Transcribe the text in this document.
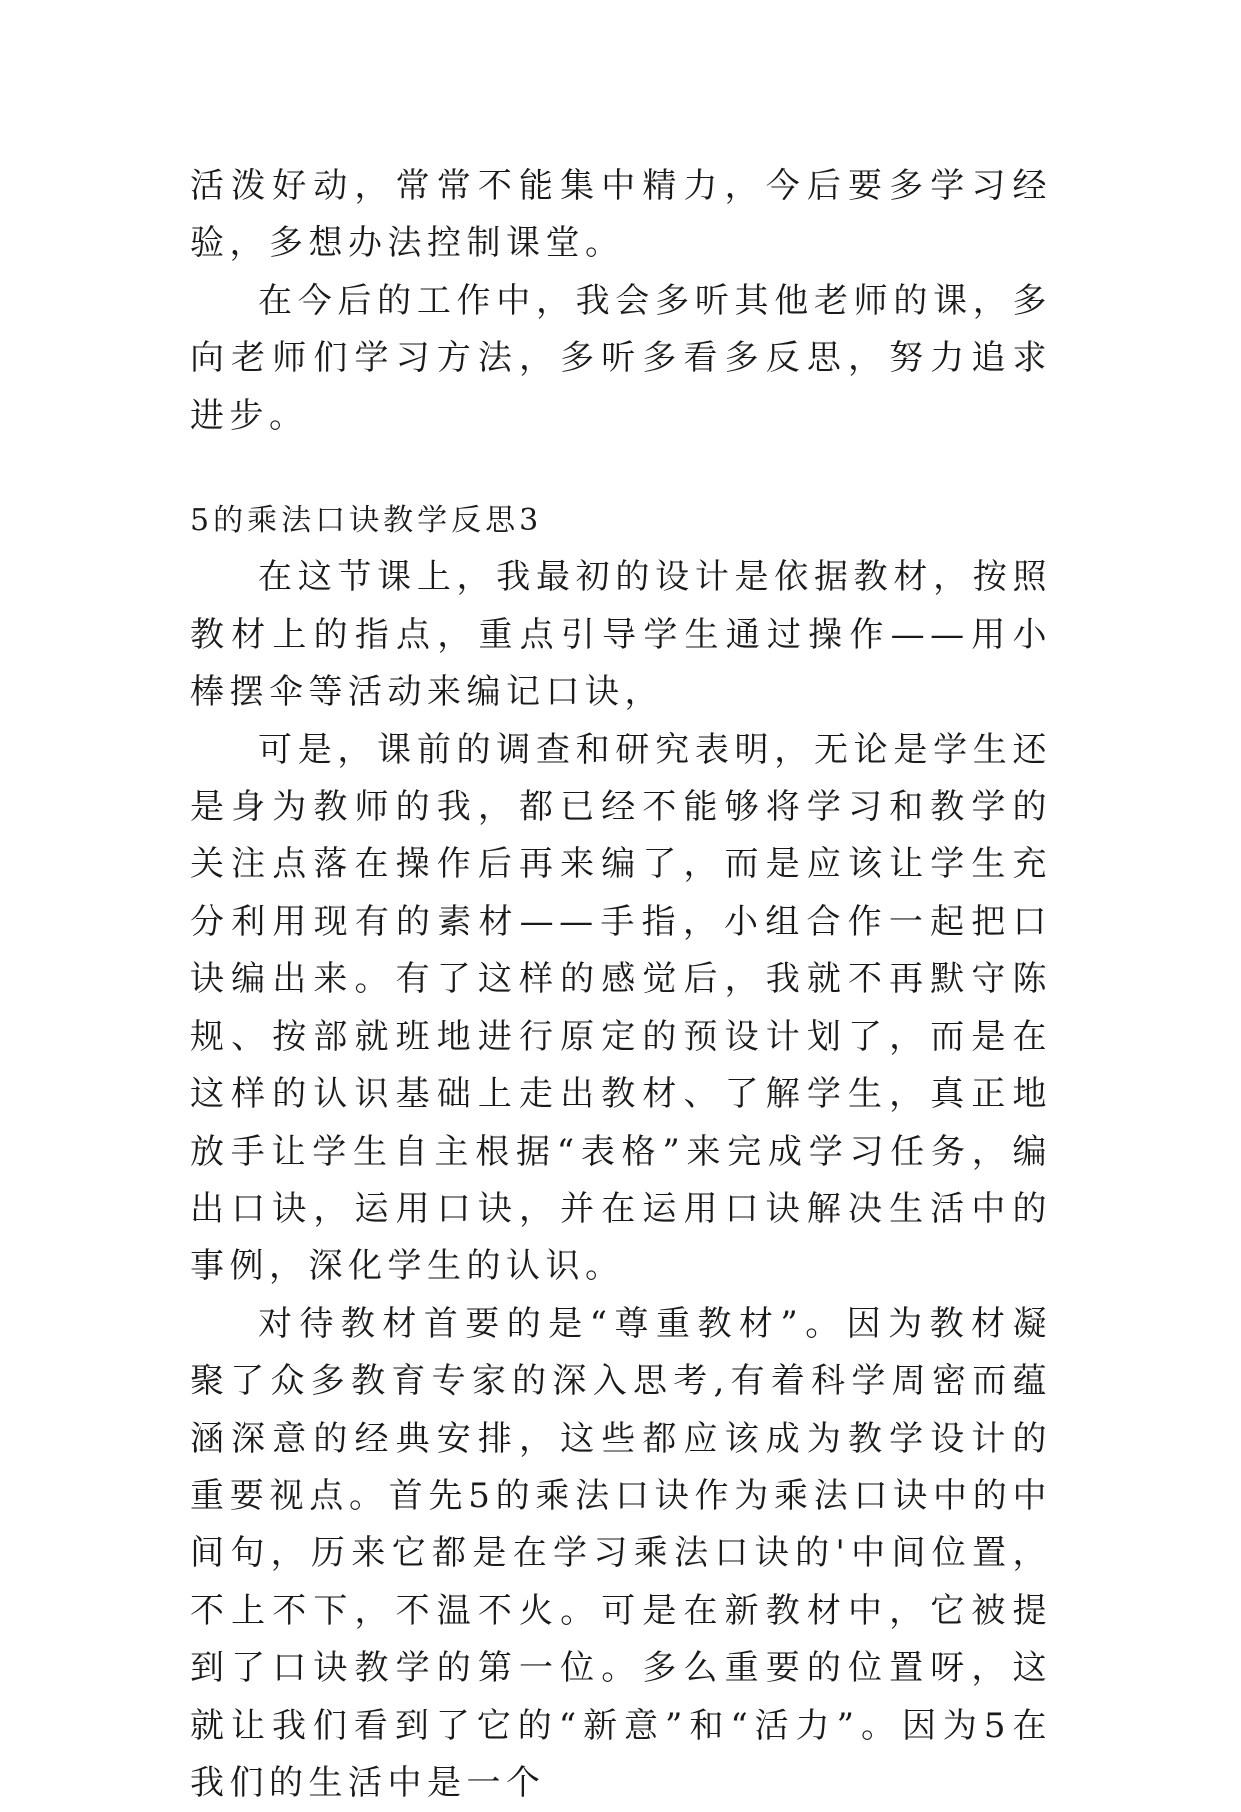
活泼好动，常常不能集中精力，今后要多学习经验，多想办法控制课堂。

在今后的工作中，我会多听其他老师的课，多向老师们学习方法，多听多看多反思，努力追求进步。

5的乘法口诀教学反思3

在这节课上，我最初的设计是依据教材，按照教材上的指点，重点引导学生通过操作——用小棒摆伞等活动来编记口诀，

可是，课前的调查和研究表明，无论是学生还是身为教师的我，都已经不能够将学习和教学的关注点落在操作后再来编了，而是应该让学生充分利用现有的素材——手指，小组合作一起把口诀编出来。有了这样的感觉后，我就不再默守陈规、按部就班地进行原定的预设计划了，而是在这样的认识基础上走出教材、了解学生，真正地放手让学生自主根据“表格”来完成学习任务，编出口诀，运用口诀，并在运用口诀解决生活中的事例，深化学生的认识。

对待教材首要的是“尊重教材”。因为教材凝聚了众多教育专家的深入思考,有着科学周密而蕴涵深意的经典安排，这些都应该成为教学设计的重要视点。首先5的乘法口诀作为乘法口诀中的中间句，历来它都是在学习乘法口诀的'中间位置，不上不下，不温不火。可是在新教材中，它被提到了口诀教学的第一位。多么重要的位置呀，这就让我们看到了它的“新意”和“活力”。因为5在我们的生活中是一个
